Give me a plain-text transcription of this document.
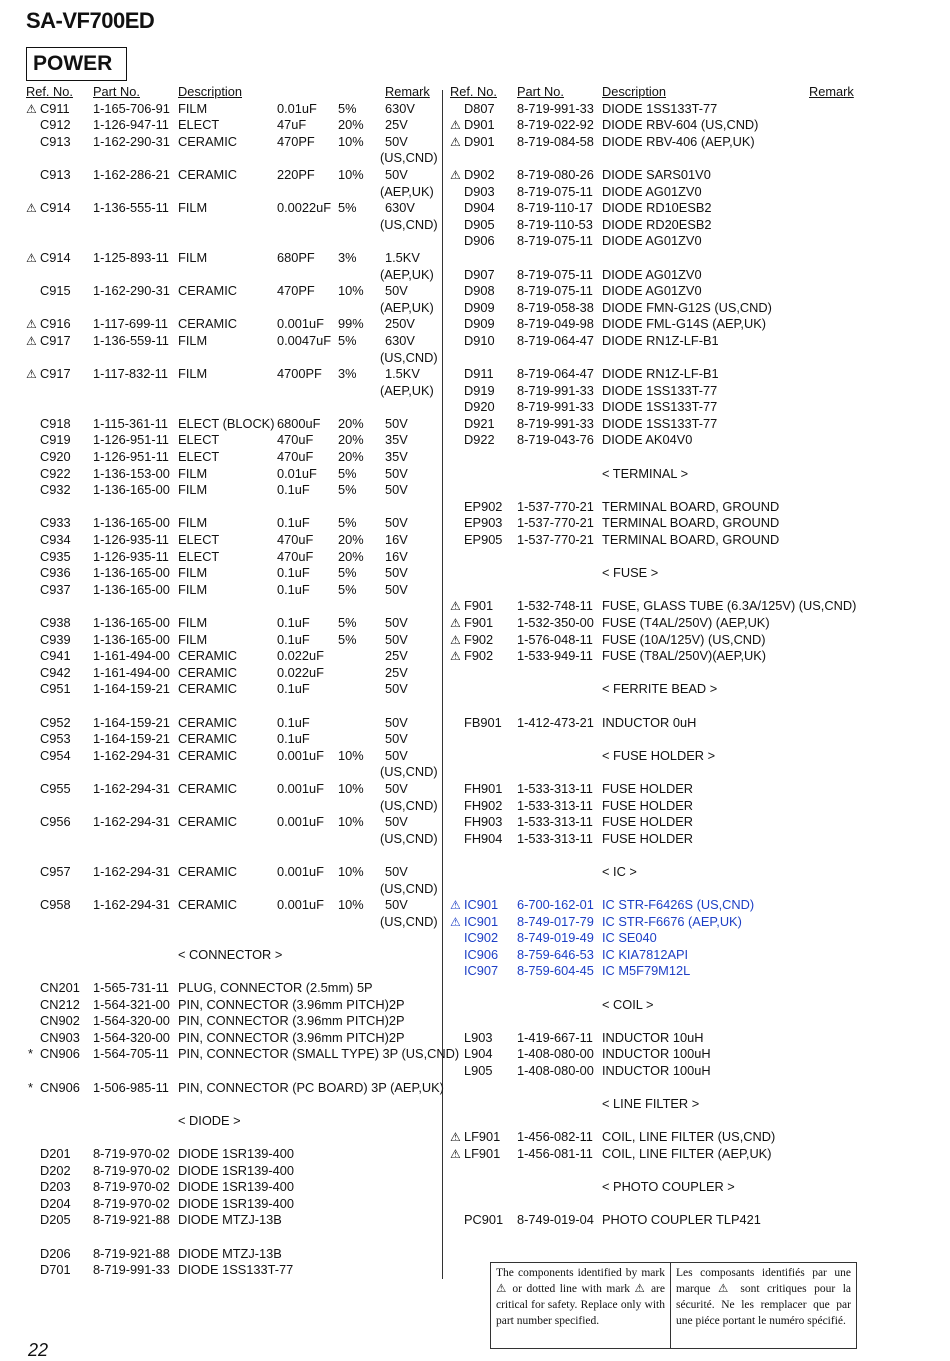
SA-VF700ED
POWER
Ref. No. Part No.	Description	Remark
⚠ C911 1-165-706-91 FILM	0.01uF 5% 630V
C912 1-126-947-11 ELECT	47uF 20% 25V
C913 1-162-290-31 CERAMIC	470PF 10% 50V
(US,CND)
C913 1-162-286-21 CERAMIC	220PF 10% 50V
(AEP,UK)
⚠ C914 1-136-555-11 FILM	0.0022uF 5% 630V
(US,CND)
⚠ C914 1-125-893-11 FILM	680PF 3% 1.5KV
(AEP,UK)
C915 1-162-290-31 CERAMIC	470PF 10% 50V
(AEP,UK)
⚠ C916 1-117-699-11 CERAMIC	0.001uF 99% 250V
⚠ C917 1-136-559-11 FILM	0.0047uF 5% 630V
(US,CND)
⚠ C917 1-117-832-11 FILM	4700PF 3% 1.5KV
(AEP,UK)
C918 1-115-361-11 ELECT (BLOCK) 6800uF 20% 50V
C919 1-126-951-11 ELECT	470uF 20% 35V
C920 1-126-951-11 ELECT	470uF 20% 35V
C922 1-136-153-00 FILM	0.01uF 5% 50V
C932 1-136-165-00 FILM	0.1uF 5% 50V
C933 1-136-165-00 FILM	0.1uF 5% 50V
C934 1-126-935-11 ELECT	470uF 20% 16V
C935 1-126-935-11 ELECT	470uF 20% 16V
C936 1-136-165-00 FILM	0.1uF 5% 50V
C937 1-136-165-00 FILM	0.1uF 5% 50V
C938 1-136-165-00 FILM	0.1uF 5% 50V
C939 1-136-165-00 FILM	0.1uF 5% 50V
C941 1-161-494-00 CERAMIC	0.022uF	25V
C942 1-161-494-00 CERAMIC	0.022uF	25V
C951 1-164-159-21 CERAMIC	0.1uF	50V
C952 1-164-159-21 CERAMIC	0.1uF	50V
C953 1-164-159-21 CERAMIC	0.1uF	50V
C954 1-162-294-31 CERAMIC	0.001uF 10% 50V
(US,CND)
C955 1-162-294-31 CERAMIC	0.001uF 10% 50V
(US,CND)
C956 1-162-294-31 CERAMIC	0.001uF 10% 50V
(US,CND)
C957 1-162-294-31 CERAMIC	0.001uF 10% 50V
(US,CND)
C958 1-162-294-31 CERAMIC	0.001uF 10% 50V
(US,CND)
< CONNECTOR >
CN201 1-565-731-11 PLUG, CONNECTOR (2.5mm) 5P
CN212 1-564-321-00 PIN, CONNECTOR (3.96mm PITCH)2P
CN902 1-564-320-00 PIN, CONNECTOR (3.96mm PITCH)2P
CN903 1-564-320-00 PIN, CONNECTOR (3.96mm PITCH)2P
* CN906 1-564-705-11 PIN, CONNECTOR (SMALL TYPE) 3P (US,CND)
* CN906 1-506-985-11 PIN, CONNECTOR (PC BOARD) 3P (AEP,UK)
< DIODE >
D201 8-719-970-02 DIODE 1SR139-400
D202 8-719-970-02 DIODE 1SR139-400
D203 8-719-970-02 DIODE 1SR139-400
D204 8-719-970-02 DIODE 1SR139-400
D205 8-719-921-88 DIODE MTZJ-13B
D206 8-719-921-88 DIODE MTZJ-13B
D701 8-719-991-33 DIODE 1SS133T-77
Ref. No. Part No.	Description	Remark
D807 8-719-991-33 DIODE 1SS133T-77
⚠ D901 8-719-022-92 DIODE RBV-604 (US,CND)
⚠ D901 8-719-084-58 DIODE RBV-406 (AEP,UK)
⚠ D902 8-719-080-26 DIODE SARS01V0
D903 8-719-075-11 DIODE AG01ZV0
D904 8-719-110-17 DIODE RD10ESB2
D905 8-719-110-53 DIODE RD20ESB2
D906 8-719-075-11 DIODE AG01ZV0
D907 8-719-075-11 DIODE AG01ZV0
D908 8-719-075-11 DIODE AG01ZV0
D909 8-719-058-38 DIODE FMN-G12S (US,CND)
D909 8-719-049-98 DIODE FML-G14S (AEP,UK)
D910 8-719-064-47 DIODE RN1Z-LF-B1
D911 8-719-064-47 DIODE RN1Z-LF-B1
D919 8-719-991-33 DIODE 1SS133T-77
D920 8-719-991-33 DIODE 1SS133T-77
D921 8-719-991-33 DIODE 1SS133T-77
D922 8-719-043-76 DIODE AK04V0
< TERMINAL >
EP902 1-537-770-21 TERMINAL BOARD, GROUND
EP903 1-537-770-21 TERMINAL BOARD, GROUND
EP905 1-537-770-21 TERMINAL BOARD, GROUND
< FUSE >
⚠ F901 1-532-748-11 FUSE, GLASS TUBE (6.3A/125V) (US,CND)
⚠ F901 1-532-350-00 FUSE (T4AL/250V) (AEP,UK)
⚠ F902 1-576-048-11 FUSE (10A/125V) (US,CND)
⚠ F902 1-533-949-11 FUSE (T8AL/250V)(AEP,UK)
< FERRITE BEAD >
FB901 1-412-473-21 INDUCTOR 0uH
< FUSE HOLDER >
FH901 1-533-313-11 FUSE HOLDER
FH902 1-533-313-11 FUSE HOLDER
FH903 1-533-313-11 FUSE HOLDER
FH904 1-533-313-11 FUSE HOLDER
< IC >
⚠ IC901 6-700-162-01 IC STR-F6426S (US,CND)
⚠ IC901 8-749-017-79 IC STR-F6676 (AEP,UK)
IC902 8-749-019-49 IC SE040
IC906 8-759-646-53 IC KIA7812API
IC907 8-759-604-45 IC M5F79M12L
< COIL >
L903 1-419-667-11 INDUCTOR 10uH
L904 1-408-080-00 INDUCTOR 100uH
L905 1-408-080-00 INDUCTOR 100uH
< LINE FILTER >
⚠ LF901 1-456-082-11 COIL, LINE FILTER (US,CND)
⚠ LF901 1-456-081-11 COIL, LINE FILTER (AEP,UK)
< PHOTO COUPLER >
PC901 8-749-019-04 PHOTO COUPLER TLP421
The components identified by mark ⚠ or dotted line with mark ⚠ are critical for safety. Replace only with part number specified.
Les composants identifiés par une marque ⚠ sont critiques pour la sécurité. Ne les remplacer que par une piéce portant le numéro spécifié.
22
